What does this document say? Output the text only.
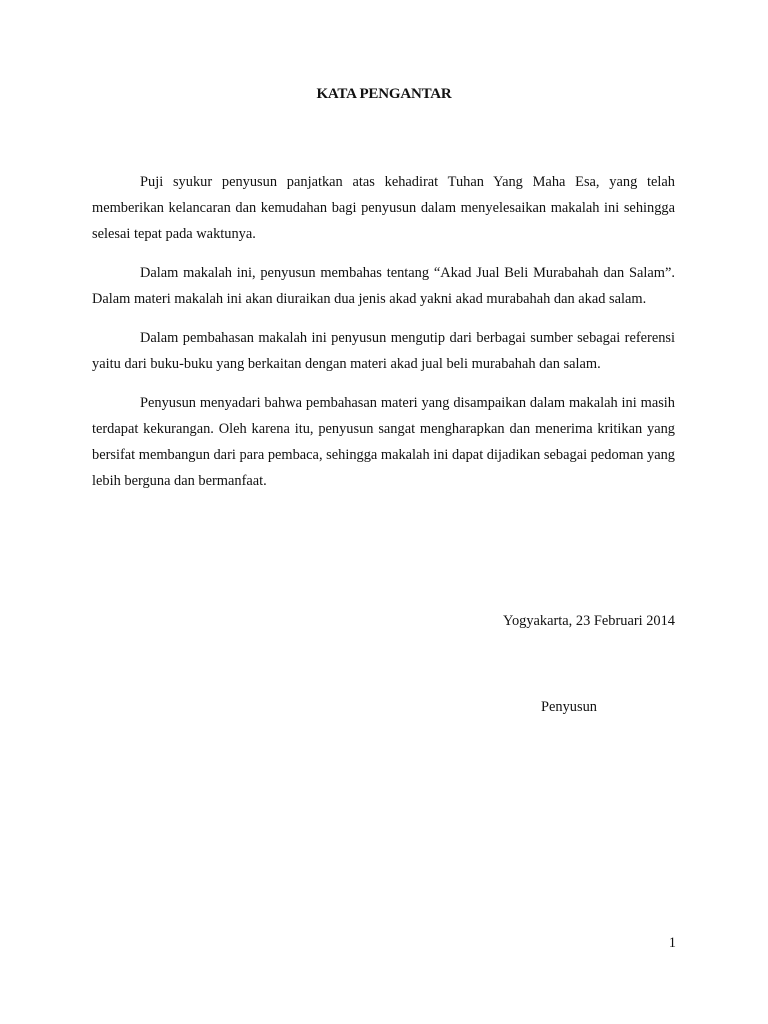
KATA PENGANTAR

Puji syukur penyusun panjatkan atas kehadirat Tuhan Yang Maha Esa, yang telah memberikan kelancaran dan kemudahan bagi penyusun dalam menyelesaikan makalah ini sehingga selesai tepat pada waktunya.

Dalam makalah ini, penyusun membahas tentang “Akad Jual Beli Murabahah dan Salam”. Dalam materi makalah ini akan diuraikan dua jenis akad yakni akad murabahah dan akad salam.

Dalam pembahasan makalah ini penyusun mengutip dari berbagai sumber sebagai referensi yaitu dari buku-buku yang berkaitan dengan materi akad jual beli murabahah dan salam.

Penyusun menyadari bahwa pembahasan materi yang disampaikan dalam makalah ini masih terdapat kekurangan. Oleh karena itu, penyusun sangat mengharapkan dan menerima kritikan yang bersifat membangun dari para pembaca, sehingga makalah ini dapat dijadikan sebagai pedoman yang lebih berguna dan bermanfaat.

Yogyakarta, 23 Februari 2014
Penyusun
1
